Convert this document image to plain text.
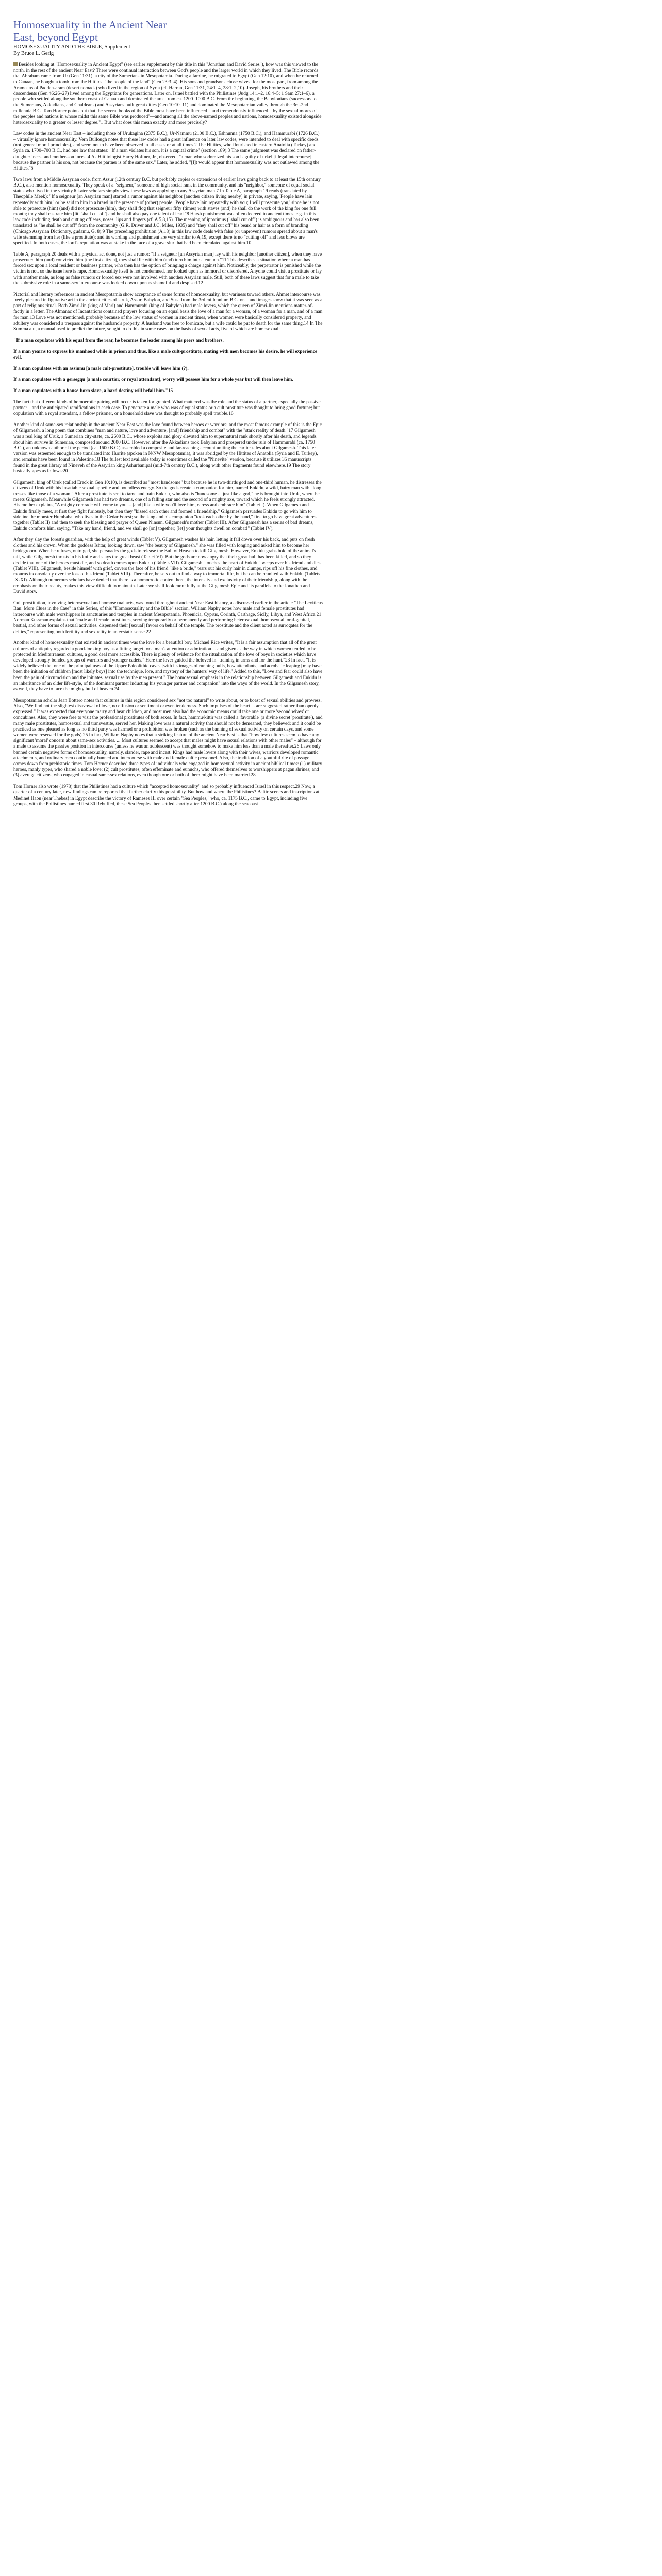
Homosexuality in the Ancient Near East, beyond Egypt
HOMOSEXUALITY AND THE BIBLE, Supplement
By Bruce L. Gerig

Besides looking at "Homosexuality in Ancient Egypt" (see earlier supplement by this title in this "Jonathan and David Series"), how was this viewed to the north, in the rest of the ancient Near East? There were continual interaction between God's people and the larger world in which they lived. The Bible records that Abraham came from Ur (Gen 11:31), a city of the Sumerians in Mesopotamia. During a famine, he migrated to Egypt (Gen 12:10), and when he returned to Canaan, he bought a tomb from the Hittites, "the people of the land" (Gen 23:3–4). His sons and grandsons chose wives, for the most part, from among the Arameans of Paddan-aram (desert nomads) who lived in the region of Syria (cf. Harran, Gen 11:31, 24:1–4, 28:1–2,10). Joseph, his brothers and their descendents (Gen 46:26–27) lived among the Egyptians for generations. Later on, Israel battled with the Philistines (Judg 14:1–2, 16:4–5; 1 Sam 27:1–6), a people who settled along the southern coast of Canaan and dominated the area from ca. 1200–1000 B.C. From the beginning, the Babylonians (successors to the Sumerians, Akkadians, and Chaldeans) and Assyrians built great cities (Gen 10:10–11) and dominated the Mesopotamian valley through the 3rd-2nd millennia B.C. Tom Horner points out that the several books of the Bible most have been influenced—and tremendously influenced—by the sexual mores of the peoples and nations in whose midst this same Bible was produced"—and among all the above-named peoples and nations, homosexuality existed alongside heterosexuality to a greater or lesser degree."1 But what does this mean exactly and more precisely?

Law codes in the ancient Near East – including those of Urukagina (2375 B.C.), Ur-Nammu (2100 B.C.), Eshnunna (1750 B.C.), and Hammurabi (1726 B.C.) – virtually ignore homosexuality. Vern Bullough notes that these law codes had a great influence on later law codes, were intended to deal with specific deeds (not general moral principles), and seem not to have been observed in all cases or at all times.2 The Hittites, who flourished in eastern Anatolia (Turkey) and Syria ca. 1700–700 B.C., had one law that states: "If a man violates his son, it is a capital crime" (section 189).3 The same judgment was declared on father-daughter incest and mother-son incest.4 As Hittitologist Harry Hoffner, Jr., observed, "a man who sodomized his son is guilty of urkel [illegal intercourse] because the partner is his son, not because the partner is of the same sex." Later, he added, "[I]t would appear that homosexuality was not outlawed among the Hittites."5

Two laws from a Middle Assyrian code, from Assur (12th century B.C. but probably copies or extensions of earlier laws going back to at least the 15th century B.C.), also mention homosexuality. They speak of a "seigneur," someone of high social rank in the community, and his "neighbor," someone of equal social status who lived in the vicinity.6 Later scholars simply view these laws as applying to any Assyrian man.7 In Table A, paragraph 19 reads (translated by Theophile Meek): "If a seigneur [an Assyrian man] started a rumor against his neighbor [another citizen living nearby] in private, saying, 'People have lain repeatedly with him,' or he said to him in a brawl in the presence of (other) people, 'People have lain repeatedly with you; I will prosecute you,' since he is not able to prosecute (him) (and) did not prosecute (him), they shall flog that seigneur fifty (times) with staves (and) he shall do the work of the king for one full month; they shall castrate him [lit. 'shall cut off'] and he shall also pay one talent of lead."8 Harsh punishment was often decreed in ancient times, e.g. in this law code including death and cutting off ears, noses, lips and fingers (cf. A 5,8,15). The meaning of ippatimus ("shall cut off") is ambiguous and has also been translated as "he shall be cut off" from the community (G.R. Driver and J.C. Miles, 1935) and "they shall cut off" his beard or hair as a form of branding (Chicago Assyrian Dictionary, gudamu, G, 8).9 The preceding prohibition (A,18) in this law code deals with false (or unproven) rumors spread about a man's wife stemming from her (like a prostitute); and its wording and punishment are very similar to A,19, except there is no "cutting off" and less blows are specified. In both cases, the lord's reputation was at stake in the face of a grave slur that had been circulated against him.10

Table A, paragraph 20 deals with a physical act done, not just a rumor: "If a seigneur [an Assyrian man] lay with his neighbor [another citizen], when they have prosecuted him (and) convicted him [the first citizen], they shall lie with him (and) turn him into a eunuch."11 This describes a situation where a man has forced sex upon a local resident or business partner, who then has the option of bringing a charge against him. Noticeably, the perpetrator is punished while the victim is not, so the issue here is rape. Homosexuality itself is not condemned, nor looked upon as immoral or disordered. Anyone could visit a prostitute or lay with another male, as long as false rumors or forced sex were not involved with another Assyrian male. Still, both of these laws suggest that for a male to take the submissive role in a same-sex intercourse was looked down upon as shameful and despised.12

Pictorial and literary references in ancient Mesopotamia show acceptance of some forms of homosexuality, but wariness toward others. Ahmet intercourse was freely pictured in figurative art in the ancient cities of Uruk, Assur, Babylon, and Susa from the 3rd millennium B.C. on – and images show that it was seen as a part of religious ritual. Both Zimri-lin (king of Mari) and Hammurabi (king of Babylon) had male lovers, which the queen of Zimri-lin mentions matter-of-factly in a letter. The Almanac of Incantations contained prayers focusing on an equal basis the love of a man for a woman, of a woman for a man, and of a man for man.13 Love was not mentioned, probably because of the low status of women in ancient times, when women were basically considered property, and adultery was considered a trespass against the husband's property. A husband was free to fornicate, but a wife could be put to death for the same thing.14 In The Summa alu, a manual used to predict the future, sought to do this in some cases on the basis of sexual acts, five of which are homosexual:

"If a man copulates with his equal from the rear, he becomes the leader among his peers and brothers.

If a man yearns to express his manhood while in prison and thus, like a male cult-prostitute, mating with men becomes his desire, he will experience evil.

If a man copulates with an assinnu [a male cult-prostitute], trouble will leave him (?).

If a man copulates with a gersegqu [a male courtier, or royal attendant], worry will possess him for a whole year but will then leave him.

If a man copulates with a house-born slave, a hard destiny will befall him."15

The fact that different kinds of homoerotic pairing will occur is taken for granted. What mattered was the role and the status of a partner, especially the passive partner – and the anticipated ramifications in each case. To penetrate a male who was of equal status or a cult prostitute was thought to bring good fortune; but copulation with a royal attendant, a fellow prisoner, or a household slave was thought to probably spell trouble.16

Another kind of same-sex relationship in the ancient Near East was the love found between heroes or warriors; and the most famous example of this is the Epic of Gilgamesh, a long poem that combines "man and nature, love and adventure, [and] friendship and combat" with the "stark reality of death."17 Gilgamesh was a real king of Uruk, a Sumerian city-state, ca. 2600 B.C., whose exploits and glory elevated him to supernatural rank shortly after his death, and legends about him survive in Sumerian, composed around 2000 B.C. However, after the Akkadians took Babylon and prospered under rule of Hammurabi (ca. 1750 B.C.), an unknown author of the period (ca. 1600 B.C.) assembled a composite and far-reaching account uniting the earlier tales about Gilgamesh. This later version was esteemed enough to be translated into Hurrite (spoken in N/NW Mesopotamia), it was abridged by the Hittites of Anatolia (Syria and E. Turkey), and remains have been found in Palestine.18 The fullest text available today is sometimes called the "Ninevite" version, because it utilizes 35 manuscripts found in the great library of Nineveh of the Assyrian king Ashurbanipal (mid-7th century B.C.), along with other fragments found elsewhere.19 The story basically goes as follows:20

Gilgamesh, king of Uruk (called Ereck in Gen 10:10), is described as "most handsome" but because he is two-thirds god and one-third human, he distresses the citizens of Uruk with his insatiable sexual appetite and boundless energy. So the gods create a companion for him, named Enkidu, a wild, hairy man with "long tresses like those of a woman." After a prostitute is sent to tame and train Enkidu, who also is "handsome ... just like a god," he is brought into Uruk, where he meets Gilgamesh. Meanwhile Gilgamesh has had two dreams, one of a falling star and the second of a mighty axe, toward which he feels strongly attracted. His mother explains, "A mighty comrade will come to you ... [and] like a wife you'll love him, caress and embrace him" (Tablet I). When Gilgamesh and Enkidu finally meet, at first they fight furiously, but then they "kissed each other and formed a friendship." Gilgamesh persuades Enkidu to go with him to sideline the monster Humbaba, who lives in the Cedar Forest; so the king and his companion "took each other by the hand," first to go have great adventures together (Tablet II) and then to seek the blessing and prayer of Queen Ninsun, Gilgamesh's mother (Tablet III). After Gilgamesh has a series of bad dreams, Enkidu comforts him, saying, "Take my hand, friend, and we shall go [on] together; [let] your thoughts dwell on combat!" (Tablet IV).

After they slay the forest's guardian, with the help of great winds (Tablet V), Gilgamesh washes his hair, letting it fall down over his back, and puts on fresh clothes and his crown. When the goddess Ishtar, looking down, saw "the beauty of Gilgamesh," she was filled with longing and asked him to become her bridegroom. When he refuses, outraged, she persuades the gods to release the Bull of Heaven to kill Gilgamesh. However, Enkidu grabs hold of the animal's tail, while Gilgamesh thrusts in his knife and slays the great beast (Tablet VI). But the gods are now angry that their great bull has been killed, and so they decide that one of the heroes must die, and so death comes upon Enkidu (Tablets VII). Gilgamesh "touches the heart of Enkidu" weeps over his friend and dies (Tablet VIII). Gilgamesh, beside himself with grief, covers the face of his friend "like a bride," tears out his curly hair in clumps, rips off his fine clothes, and mourns inconsolably over the loss of his friend (Tablet VIII). Thereafter, he sets out to find a way to immortal life, but he can be reunited with Enkidu (Tablets IX-XI). Although numerous scholars have denied that there is a homoerotic content here, the intensity and exclusivity of their friendship, along with the emphasis on their beauty, makes this view difficult to maintain. Later we shall look more fully at the Gilgamesh Epic and its parallels to the Jonathan and David story.

Cult prostitution, involving heterosexual and homosexual acts, was found throughout ancient Near East history, as discussed earlier in the article "The Leviticus Ban: More Clues in the Case" in this Series, of this "Homosexuality and the Bible" section. William Naphy notes how male and female prostitutes had intercourse with male worshippers in sanctuaries and temples in ancient Mesopotamia, Phoenicia, Cyprus, Corinth, Carthage, Sicily, Libya, and West Africa.21 Norman Kussman explains that "male and female prostitutes, serving temporarily or permanently and performing heterosexual, homosexual, oral-genital, bestial, and other forms of sexual activities, dispensed their [sexual] favors on behalf of the temple. The prostitute and the client acted as surrogates for the deities," representing both fertility and sexuality in an ecstatic sense.22

Another kind of homosexuality that existed in ancient times was the love for a beautiful boy. Michael Rice writes, "It is a fair assumption that all of the great cultures of antiquity regarded a good-looking boy as a fitting target for a man's attention or admiration ... and given as the way in which women tended to be protected in Mediterranean cultures, a good deal more accessible. There is plenty of evidence for the ritualization of the love of boys in societies which have developed strongly bonded groups of warriors and younger cadets." Here the lover guided the beloved in "training in arms and for the hunt."23 In fact, "It is widely believed that one of the principal uses of the Upper Paleolithic caves [with its images of running bulls, bow attendants, and acrobatic leaping] may have been the initiation of children [most likely boys] into the technique, lore, and mystery of the hunters' way of life." Added to this, "Love and fear could also have been the pain of circumcision and the initiates' sexual use by the men present." The homosexual emphasis in the relationship between Gilgamesh and Enkidu is an inheritance of an older life-style, of the dominant partner inducting his younger partner and companion" into the ways of the world. In the Gilgamesh story, as well, they have to face the mighty bull of heaven.24

Mesopotamian scholar Jean Bottero notes that cultures in this region considered sex "not too natural" to write about, or to boast of sexual abilities and prowess. Also, "We find not the slightest disavowal of love, no effusion or sentiment or even tenderness. Such impulses of the heart ... are suggested rather than openly expressed." It was expected that everyone marry and bear children, and most men also had the economic means could take one or more 'second wives' or concubines. Also, they were free to visit the professional prostitutes of both sexes. In fact, hammu/kittir was called a 'favorable' (a divine secret 'prostitute'), and many male prostitutes, homosexual and transvestite, served her. Making love was a natural activity that should not be demeaned, they believed; and it could be practiced as one pleased as long as no third party was harmed or a prohibition was broken (such as the banning of sexual activity on certain days, and some women were reserved for the gods).25 In fact, William Naphy notes that a striking feature of the ancient Near East is that "how few cultures seem to have any significant 'moral' concern about same-sex activities. ... Most cultures seemed to accept that males might have sexual relations with other males" – although for a male to assume the passive position in intercourse (unless he was an adolescent) was thought somehow to make him less than a male thereafter.26 Laws only banned certain negative forms of homosexuality, namely, slander, rape and incest. Kings had male lovers along with their wives, warriors developed romantic attachments, and ordinary men continually banned and intercourse with male and female cultic personnel. Also, the tradition of a youthful rite of passage comes down from prehistoric times. Tom Horner described three types of individuals who engaged in homosexual activity in ancient biblical times: (1) military heroes, manly types, who shared a noble love; (2) cult prostitutes, often effeminate and eunuchs, who offered themselves to worshippers at pagan shrines; and (3) average citizens, who engaged in casual same-sex relations, even though one or both of them might have been married.28

Tom Horner also wrote (1978) that the Philistines had a culture which "accepted homosexuality" and so probably influenced Israel in this respect.29 Now, a quarter of a century later, new findings can be reported that further clarify this possibility. But how and where the Philistines? Baltic scenes and inscriptions at Medinet Habu (near Thebes) in Egypt describe the victory of Rameses III over certain "Sea Peoples," who, ca. 1175 B.C., came to Egypt, including five groups, with the Philistines named first.30 Rebuffed, these Sea Peoples then settled shortly after 1200 B.C.) along the seacoast
